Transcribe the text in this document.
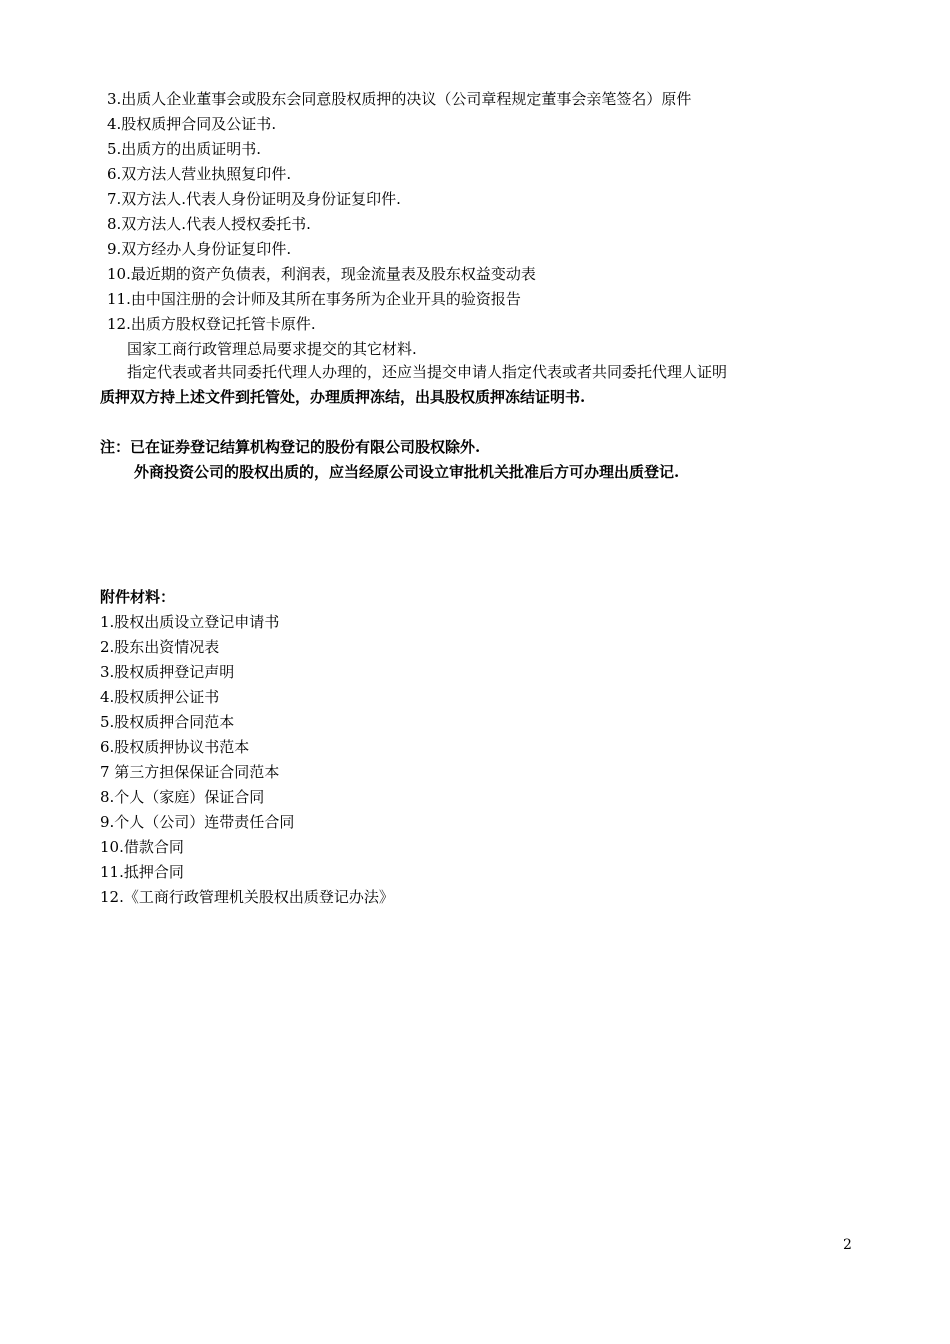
3.出质人企业董事会或股东会同意股权质押的决议（公司章程规定董事会亲笔签名）原件
4.股权质押合同及公证书.
5.出质方的出质证明书.
6.双方法人营业执照复印件.
7.双方法人.代表人身份证明及身份证复印件.
8.双方法人.代表人授权委托书.
9.双方经办人身份证复印件.
10.最近期的资产负债表，利润表，现金流量表及股东权益变动表
11.由中国注册的会计师及其所在事务所为企业开具的验资报告
12.出质方股权登记托管卡原件.
国家工商行政管理总局要求提交的其它材料.
指定代表或者共同委托代理人办理的，还应当提交申请人指定代表或者共同委托代理人证明
质押双方持上述文件到托管处，办理质押冻结，出具股权质押冻结证明书.
注：已在证券登记结算机构登记的股份有限公司股权除外.
外商投资公司的股权出质的，应当经原公司设立审批机关批准后方可办理出质登记.
附件材料：
1.股权出质设立登记申请书
2.股东出资情况表
3.股权质押登记声明
4.股权质押公证书
5.股权质押合同范本
6.股权质押协议书范本
7 第三方担保保证合同范本
8.个人（家庭）保证合同
9.个人（公司）连带责任合同
10.借款合同
11.抵押合同
12.《工商行政管理机关股权出质登记办法》
2
